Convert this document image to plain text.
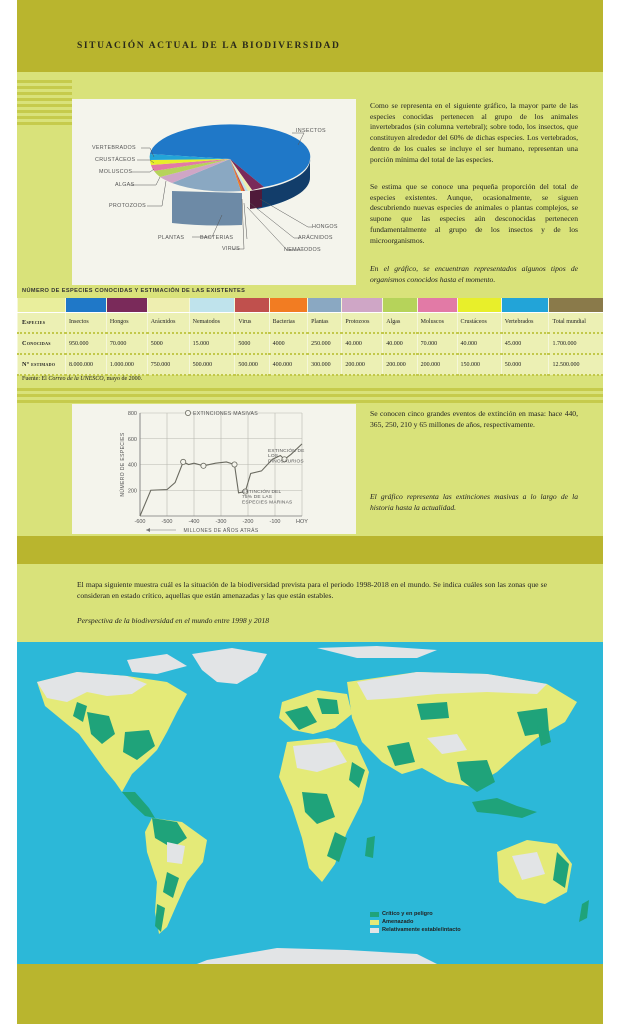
SITUACIÓN ACTUAL DE LA BIODIVERSIDAD
INSECTOS
VERTEBRADOS
CRUSTÁCEOS
MOLUSCOS
ALGAS
PROTOZOOS
PLANTAS	BACTERIAS
VIRUS	NEMATODOS
ARÁCNIDOS
HONGOS
Como se representa en el siguiente gráfico, la mayor parte de las especies conocidas pertenecen al grupo de los animales invertebrados (sin columna vertebral); sobre todo, los insectos, que constituyen alrededor del 60% de dichas especies. Los vertebrados, dentro de los cuales se incluye el ser humano, representan una porción mínima del total de las especies.
Se estima que se conoce una pequeña proporción del total de especies existentes. Aunque, ocasionalmente, se siguen descubriendo nuevas especies de animales o plantas complejos, se supone que las especies aún desconocidas pertenecen fundamentalmente al grupo de los insectos y de los microorganismos.
En el gráfico, se encuentran representados algunos tipos de organismos conocidos hasta el momento.
NÚMERO DE ESPECIES CONOCIDAS Y ESTIMACIÓN DE LAS EXISTENTES

Especies	Insectos	Hongos	Arácnidos	Nematodos	Virus	Bacterias	Plantas	Protozoos	Algas	Moluscos	Crustáceos	Vertebrados	Total mundial
Conocidas	950.000	70.000	5000	15.000	5000	4000	250.000	40.000	40.000	70.000	40.000	45.000	1.700.000
Nº estimado	8.000.000	1.000.000	750.000	500.000	500.000	400.000	300.000	200.000	200.000	200.000	150.000	50.000	12.500.000
Fuente: El Correo de la UNESCO, mayo de 2000.
-600	-500	-400	-300	-200	-100	HOY
200
400
600
800
MILLONES DE AÑOS ATRÁS
NÚMERO DE ESPECIES
EXTINCIONES MASIVAS
EXTINCIÓN DE LOS DINOSAURIOS
EXTINCIÓN DEL 75% DE LAS ESPECIES MARINAS
Se conocen cinco grandes eventos de extinción en masa: hace 440, 365, 250, 210 y 65 millones de años, respectivamente.
El gráfico representa las extinciones masivas a lo largo de la historia hasta la actualidad.
El mapa siguiente muestra cuál es la situación de la biodiversidad prevista para el periodo 1998-2018 en el mundo. Se indica cuáles son las zonas que se consideran en estado crítico, aquellas que están amenazadas y las que están estables.
Perspectiva de la biodiversidad en el mundo entre 1998 y 2018
Crítico y en peligro
Amenazado
Relativamente estable/intacto
